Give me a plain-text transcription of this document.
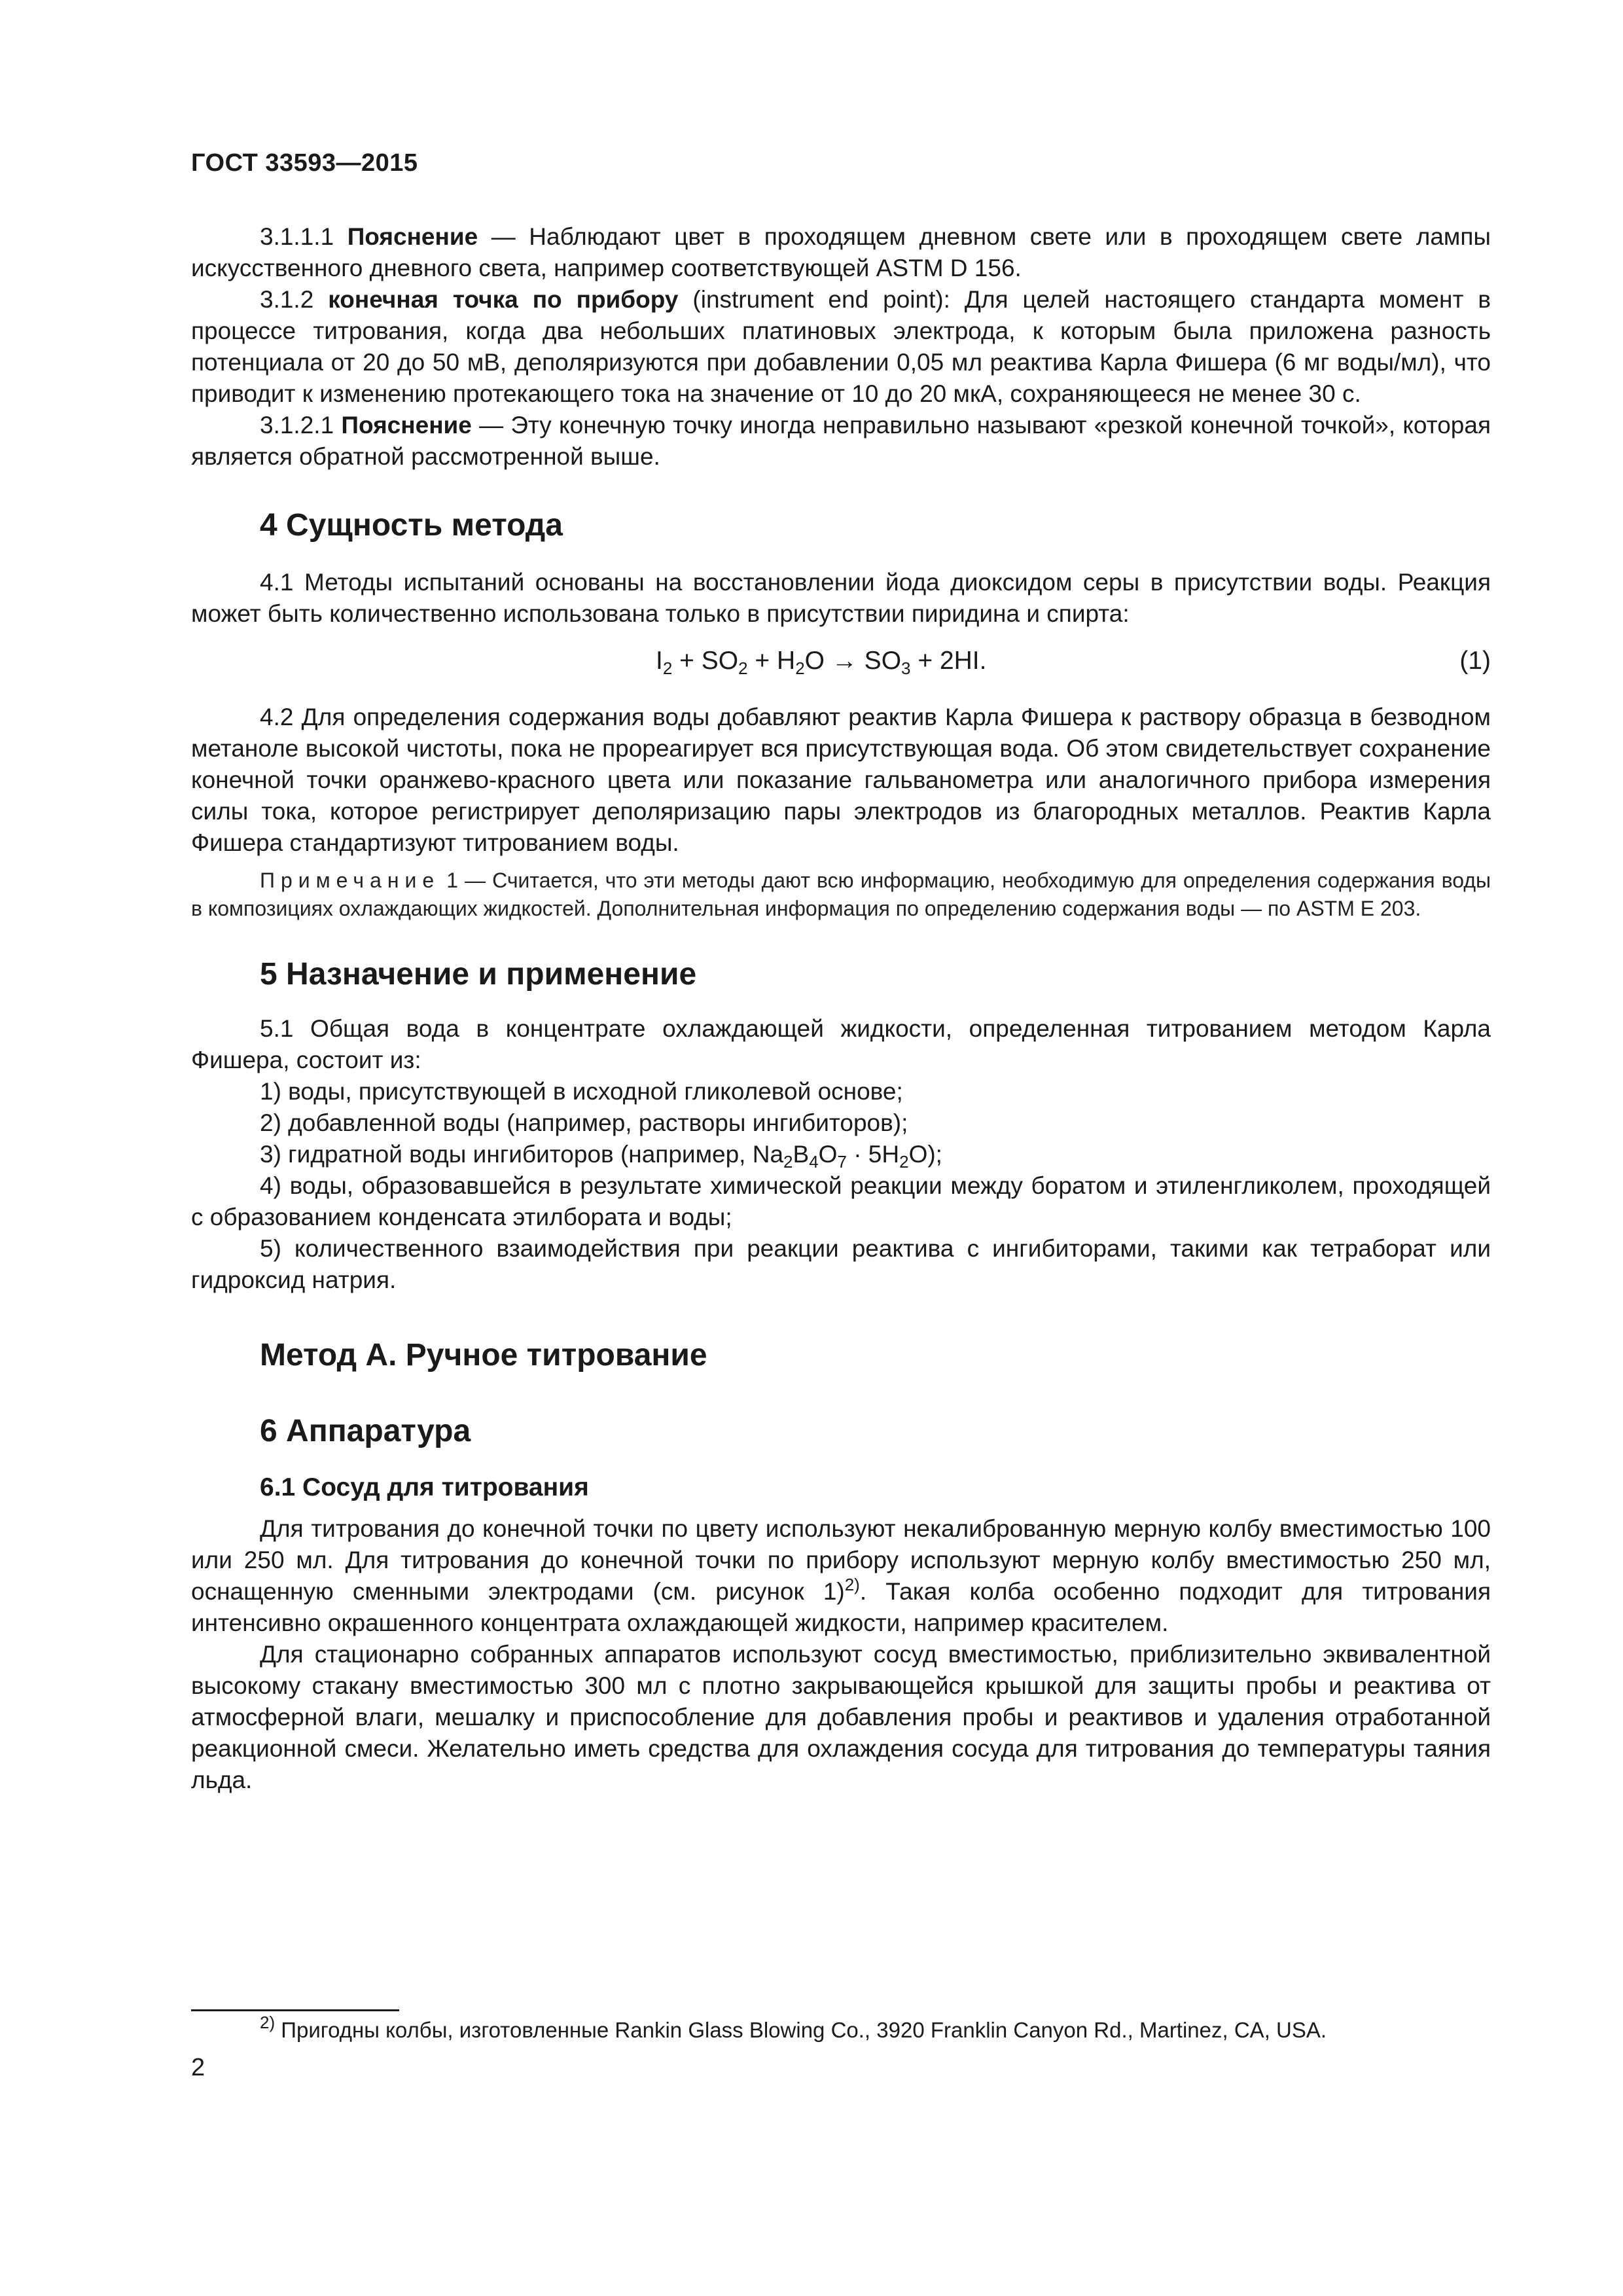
ГОСТ 33593—2015

3.1.1.1 Пояснение — Наблюдают цвет в проходящем дневном свете или в проходящем свете лампы искусственного дневного света, например соответствующей ASTM D 156.

3.1.2 конечная точка по прибору (instrument end point): Для целей настоящего стандарта момент в процессе титрования, когда два небольших платиновых электрода, к которым была приложена разность потенциала от 20 до 50 мВ, деполяризуются при добавлении 0,05 мл реактива Карла Фишера (6 мг воды/мл), что приводит к изменению протекающего тока на значение от 10 до 20 мкА, сохраняющееся не менее 30 с.

3.1.2.1 Пояснение — Эту конечную точку иногда неправильно называют «резкой конечной точкой», которая является обратной рассмотренной выше.

4 Сущность метода

4.1 Методы испытаний основаны на восстановлении йода диоксидом серы в присутствии воды. Реакция может быть количественно использована только в присутствии пиридина и спирта:

$I_2 + SO_2 + H_2O \to SO_3 + 2HI$.	(1)

4.2 Для определения содержания воды добавляют реактив Карла Фишера к раствору образца в безводном метаноле высокой чистоты, пока не прореагирует вся присутствующая вода. Об этом свидетельствует сохранение конечной точки оранжево-красного цвета или показание гальванометра или аналогичного прибора измерения силы тока, которое регистрирует деполяризацию пары электродов из благородных металлов. Реактив Карла Фишера стандартизуют титрованием воды.

Примечание 1 — Считается, что эти методы дают всю информацию, необходимую для определения содержания воды в композициях охлаждающих жидкостей. Дополнительная информация по определению содержания воды — по ASTM E 203.

5 Назначение и применение

5.1 Общая вода в концентрате охлаждающей жидкости, определенная титрованием методом Карла Фишера, состоит из:

1) воды, присутствующей в исходной гликолевой основе;

2) добавленной воды (например, растворы ингибиторов);

3) гидратной воды ингибиторов (например, $Na_2B_4O_7 \cdot 5H_2O$);

4) воды, образовавшейся в результате химической реакции между боратом и этиленгликолем, проходящей с образованием конденсата этилбората и воды;

5) количественного взаимодействия при реакции реактива с ингибиторами, такими как тетраборат или гидроксид натрия.

Метод А. Ручное титрование
6 Аппаратура
6.1 Сосуд для титрования

Для титрования до конечной точки по цвету используют некалиброванную мерную колбу вместимостью 100 или 250 мл. Для титрования до конечной точки по прибору используют мерную колбу вместимостью 250 мл, оснащенную сменными электродами (см. рисунок 1)$^{2)}$. Такая колба особенно подходит для титрования интенсивно окрашенного концентрата охлаждающей жидкости, например красителем.

Для стационарно собранных аппаратов используют сосуд вместимостью, приблизительно эквивалентной высокому стакану вместимостью 300 мл с плотно закрывающейся крышкой для защиты пробы и реактива от атмосферной влаги, мешалку и приспособление для добавления пробы и реактивов и удаления отработанной реакционной смеси. Желательно иметь средства для охлаждения сосуда для титрования до температуры таяния льда.

$^{2)}$ Пригодны колбы, изготовленные Rankin Glass Blowing Co., 3920 Franklin Canyon Rd., Martinez, CA, USA.

2
